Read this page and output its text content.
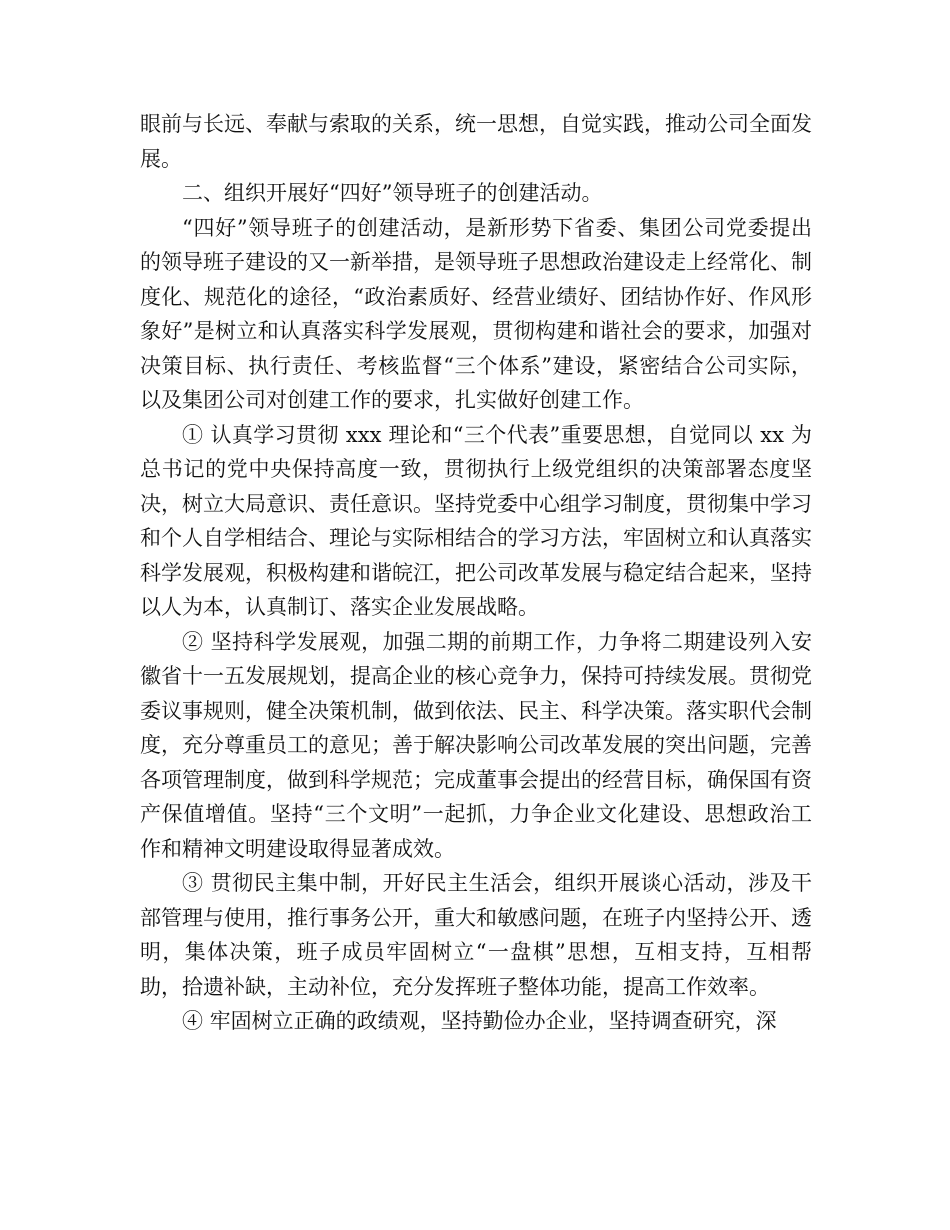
眼前与长远、奉献与索取的关系，统一思想，自觉实践，推动公司全面发展。

二、组织开展好“四好”领导班子的创建活动。

“四好”领导班子的创建活动，是新形势下省委、集团公司党委提出的领导班子建设的又一新举措，是领导班子思想政治建设走上经常化、制度化、规范化的途径，“政治素质好、经营业绩好、团结协作好、作风形象好”是树立和认真落实科学发展观，贯彻构建和谐社会的要求，加强对决策目标、执行责任、考核监督“三个体系”建设，紧密结合公司实际，以及集团公司对创建工作的要求，扎实做好创建工作。

① 认真学习贯彻 xxx 理论和“三个代表”重要思想，自觉同以 xx 为总书记的党中央保持高度一致，贯彻执行上级党组织的决策部署态度坚决，树立大局意识、责任意识。坚持党委中心组学习制度，贯彻集中学习和个人自学相结合、理论与实际相结合的学习方法，牢固树立和认真落实科学发展观，积极构建和谐皖江，把公司改革发展与稳定结合起来，坚持以人为本，认真制订、落实企业发展战略。

② 坚持科学发展观，加强二期的前期工作，力争将二期建设列入安徽省十一五发展规划，提高企业的核心竞争力，保持可持续发展。贯彻党委议事规则，健全决策机制，做到依法、民主、科学决策。落实职代会制度，充分尊重员工的意见；善于解决影响公司改革发展的突出问题，完善各项管理制度，做到科学规范；完成董事会提出的经营目标，确保国有资产保值增值。坚持“三个文明”一起抓，力争企业文化建设、思想政治工作和精神文明建设取得显著成效。

③ 贯彻民主集中制，开好民主生活会，组织开展谈心活动，涉及干部管理与使用，推行事务公开，重大和敏感问题，在班子内坚持公开、透明，集体决策，班子成员牢固树立“一盘棋”思想，互相支持，互相帮助，拾遗补缺，主动补位，充分发挥班子整体功能，提高工作效率。

④ 牢固树立正确的政绩观，坚持勤俭办企业，坚持调查研究，深
